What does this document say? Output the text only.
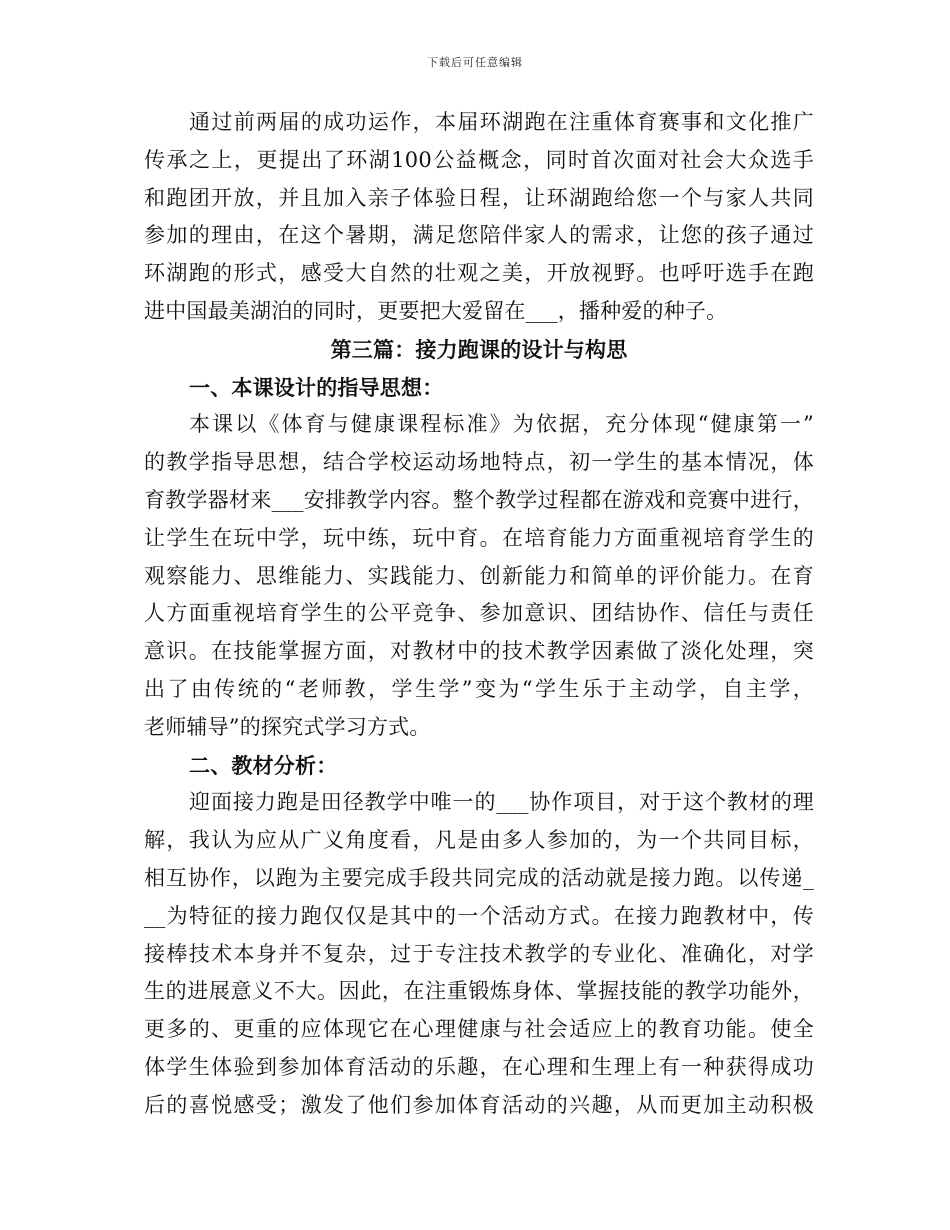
下载后可任意编辑
通过前两届的成功运作，本届环湖跑在注重体育赛事和文化推广
传承之上，更提出了环湖100公益概念，同时首次面对社会大众选手
和跑团开放，并且加入亲子体验日程，让环湖跑给您一个与家人共同
参加的理由，在这个暑期，满足您陪伴家人的需求，让您的孩子通过
环湖跑的形式，感受大自然的壮观之美，开放视野。也呼吁选手在跑
进中国最美湖泊的同时，更要把大爱留在___，播种爱的种子。
第三篇：接力跑课的设计与构思
一、本课设计的指导思想：
本课以《体育与健康课程标准》为依据，充分体现“健康第一”
的教学指导思想，结合学校运动场地特点，初一学生的基本情况，体
育教学器材来___安排教学内容。整个教学过程都在游戏和竞赛中进行，
让学生在玩中学，玩中练，玩中育。在培育能力方面重视培育学生的
观察能力、思维能力、实践能力、创新能力和简单的评价能力。在育
人方面重视培育学生的公平竞争、参加意识、团结协作、信任与责任
意识。在技能掌握方面，对教材中的技术教学因素做了淡化处理，突
出了由传统的“老师教，学生学”变为“学生乐于主动学，自主学，
老师辅导”的探究式学习方式。
二、教材分析：
迎面接力跑是田径教学中唯一的___协作项目，对于这个教材的理
解，我认为应从广义角度看，凡是由多人参加的，为一个共同目标，
相互协作，以跑为主要完成手段共同完成的活动就是接力跑。以传递_
__为特征的接力跑仅仅是其中的一个活动方式。在接力跑教材中，传
接棒技术本身并不复杂，过于专注技术教学的专业化、准确化，对学
生的进展意义不大。因此，在注重锻炼身体、掌握技能的教学功能外，
更多的、更重的应体现它在心理健康与社会适应上的教育功能。使全
体学生体验到参加体育活动的乐趣，在心理和生理上有一种获得成功
后的喜悦感受；激发了他们参加体育活动的兴趣，从而更加主动积极
